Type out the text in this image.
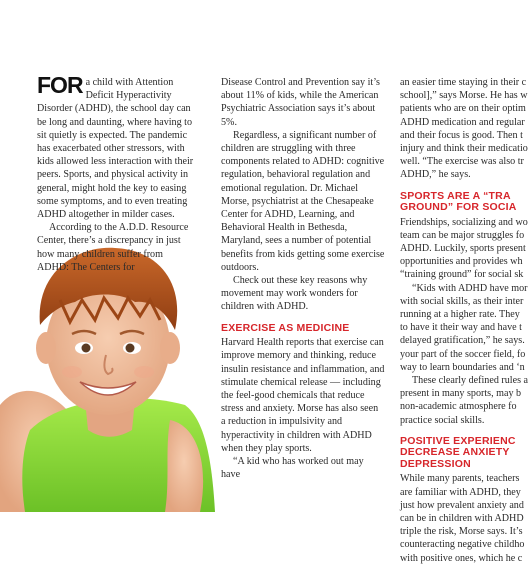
FOR a child with Attention Deficit Hyperactivity Disorder (ADHD), the school day can be long and daunting, where having to sit quietly is expected. The pandemic has exacerbated other stressors, with kids allowed less interaction with their peers. Sports, and physical activity in general, might hold the key to easing some symptoms, and to even treating ADHD altogether in milder cases.

According to the A.D.D. Resource Center, there’s a discrepancy in just how many children suffer from ADHD: The Centers for

Disease Control and Prevention say it’s about 11% of kids, while the American Psychiatric Association says it’s about 5%.

Regardless, a significant number of children are struggling with three components related to ADHD: cognitive regulation, behavioral regulation and emotional regulation. Dr. Michael Morse, psychiatrist at the Chesapeake Center for ADHD, Learning, and Behavioral Health in Bethesda, Maryland, sees a number of potential benefits from kids getting some exercise outdoors.

Check out these key reasons why movement may work wonders for children with ADHD.

EXERCISE AS MEDICINE

Harvard Health reports that exercise can improve memory and thinking, reduce insulin resistance and inflammation, and stimulate chemical release — including the feel-good chemicals that reduce stress and anxiety. Morse has also seen a reduction in impulsivity and hyperactivity in children with ADHD when they play sports.

“A kid who has worked out may have

an easier time staying in their c
school],” says Morse. He has w
patients who are on their optim
ADHD medication and regular
and their focus is good. Then t
injury and think their medicatio
well. “The exercise was also tr
ADHD,” he says.
SPORTS ARE A “TRA
GROUND” FOR SOCIA
Friendships, socializing and wo
team can be major struggles fo
ADHD. Luckily, sports present
opportunities and provides wh
“training ground” for social sk
“Kids with ADHD have mor
with social skills, as their inter
running at a higher rate. They
to have it their way and have t
delayed gratification,” he says.
your part of the soccer field, fo
way to learn boundaries and ‘n
These clearly defined rules a
present in many sports, may b
non-academic atmosphere fo
practice social skills.
POSITIVE EXPERIENC
DECREASE ANXIETY
DEPRESSION
While many parents, teachers
are familiar with ADHD, they
just how prevalent anxiety and
can be in children with ADHD
triple the risk, Morse says. It’s
counteracting negative childho
with positive ones, which he c
